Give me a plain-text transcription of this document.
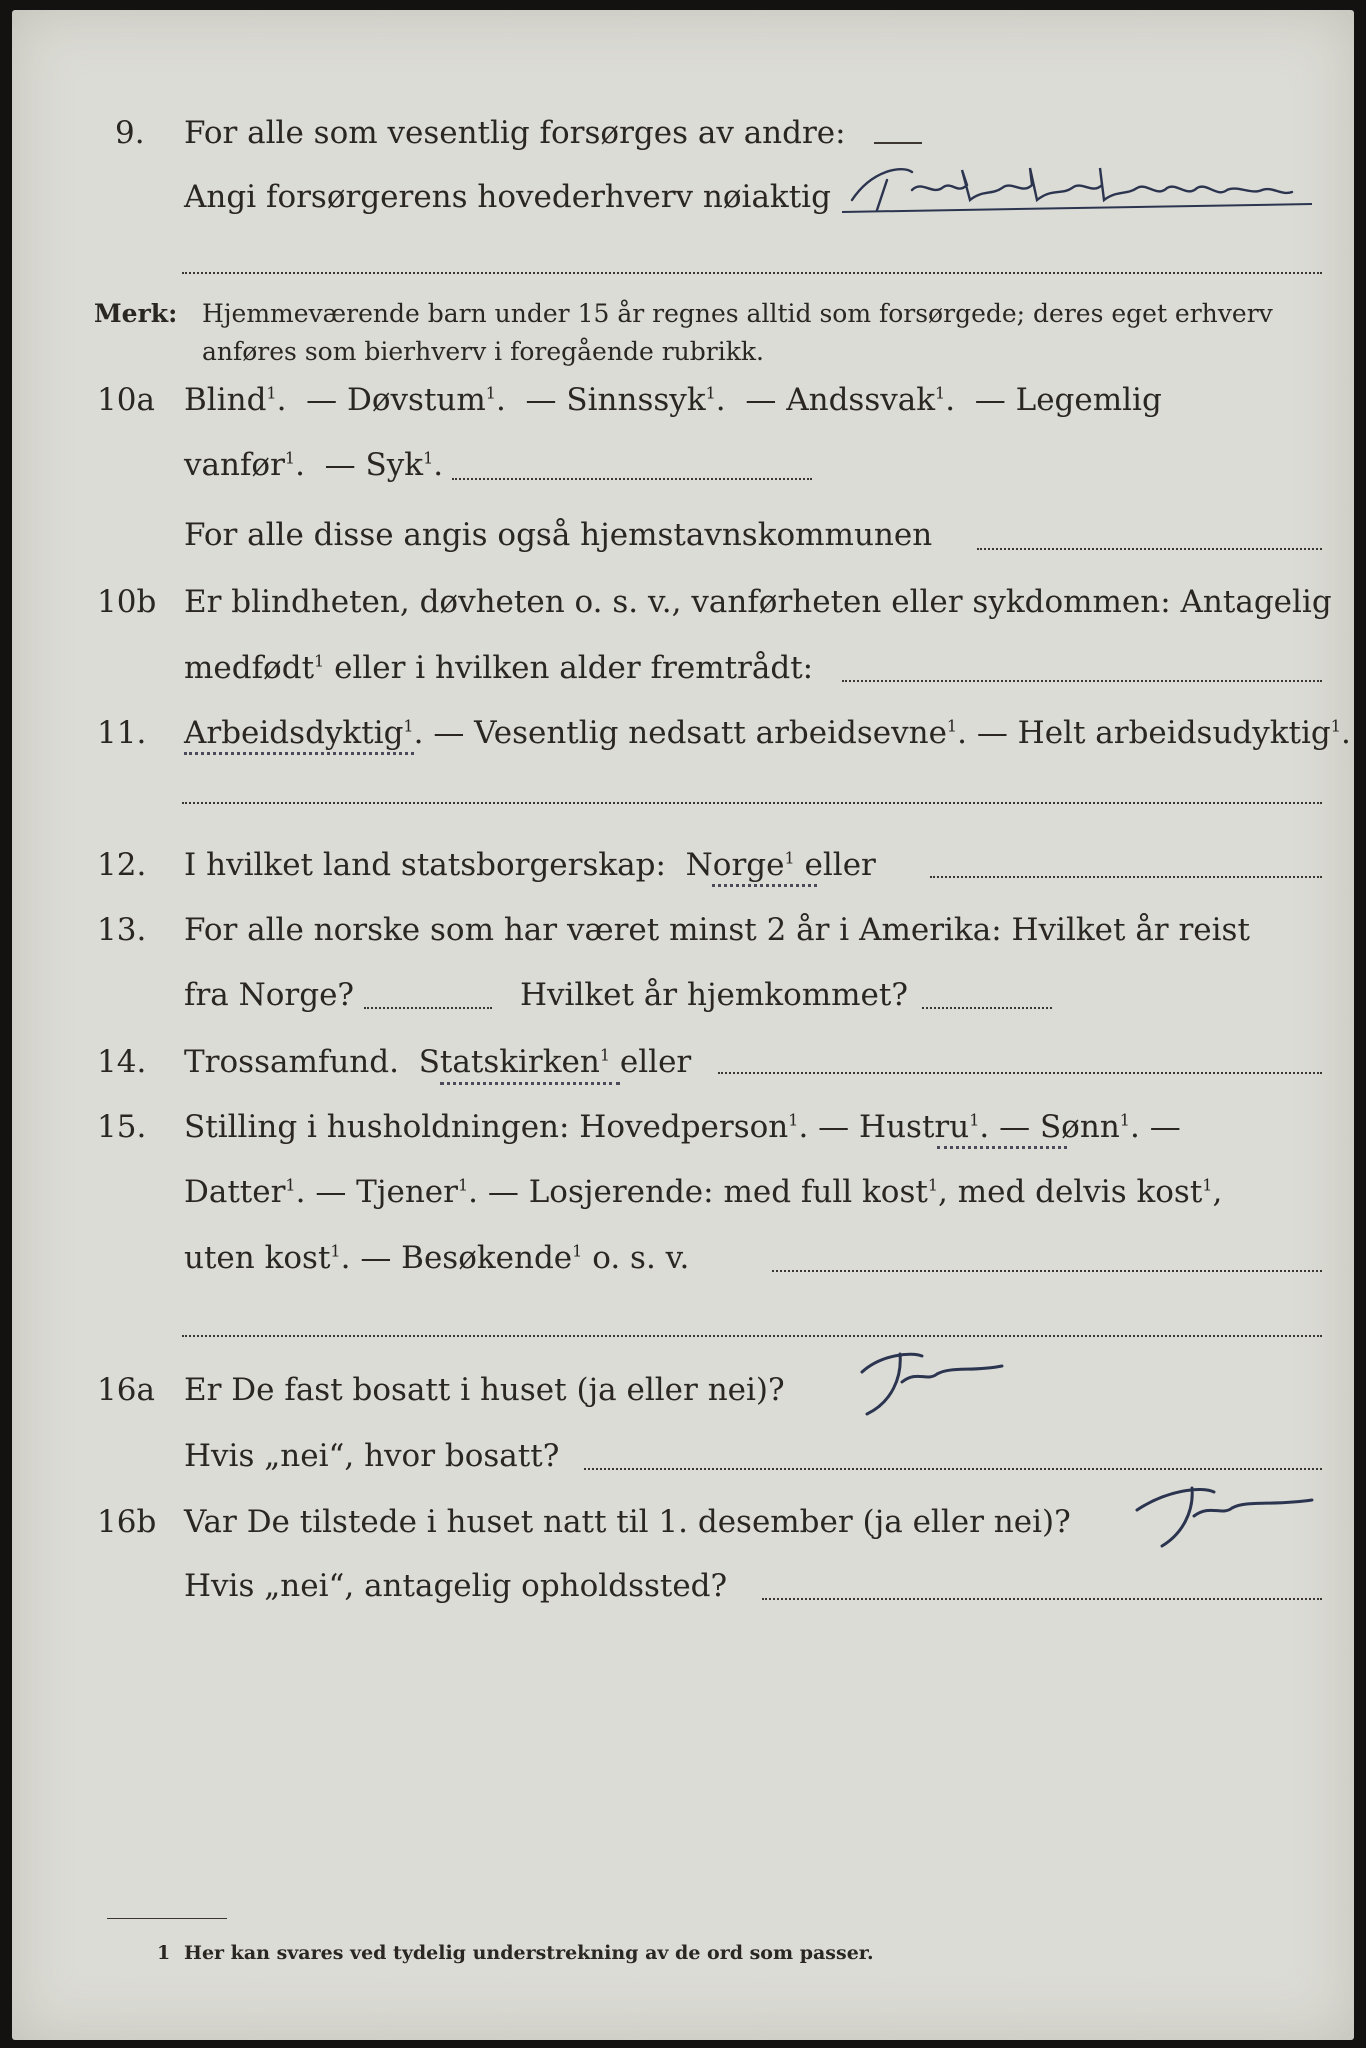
9. For alle som vesentlig forsørges av andre:
Angi forsørgerens hovederhverv nøiaktig
Merk: Hjemmeværende barn under 15 år regnes alltid som forsørgede; deres eget erhverv
anføres som bierhverv i foregående rubrikk.
10a Blind$^1$.  — Døvstum$^1$.  — Sinnssyk$^1$.  — Andssvak$^1$.  — Legemlig
vanfør$^1$.  — Syk$^1$.
For alle disse angis også hjemstavnskommunen
10b Er blindheten, døvheten o. s. v., vanførheten eller sykdommen: Antagelig
medfødt$^1$ eller i hvilken alder fremtrådt:
11. Arbeidsdyktig$^1$. — Vesentlig nedsatt arbeidsevne$^1$. — Helt arbeidsudyktig$^1$.
12. I hvilket land statsborgerskap: Norge$^1$ eller
13. For alle norske som har været minst 2 år i Amerika: Hvilket år reist
fra Norge?	Hvilket år hjemkommet?
14. Trossamfund. Statskirken$^1$ eller
15. Stilling i husholdningen: Hovedperson$^1$. — Hustru$^1$. — Sønn$^1$. —
Datter$^1$. — Tjener$^1$. — Losjerende: med full kost$^1$, med delvis kost$^1$,
uten kost$^1$. — Besøkende$^1$ o. s. v.
16a Er De fast bosatt i huset (ja eller nei)?
Hvis „nei“, hvor bosatt?
16b Var De tilstede i huset natt til 1. desember (ja eller nei)?
Hvis „nei“, antagelig opholdssted?
1 Her kan svares ved tydelig understrekning av de ord som passer.
